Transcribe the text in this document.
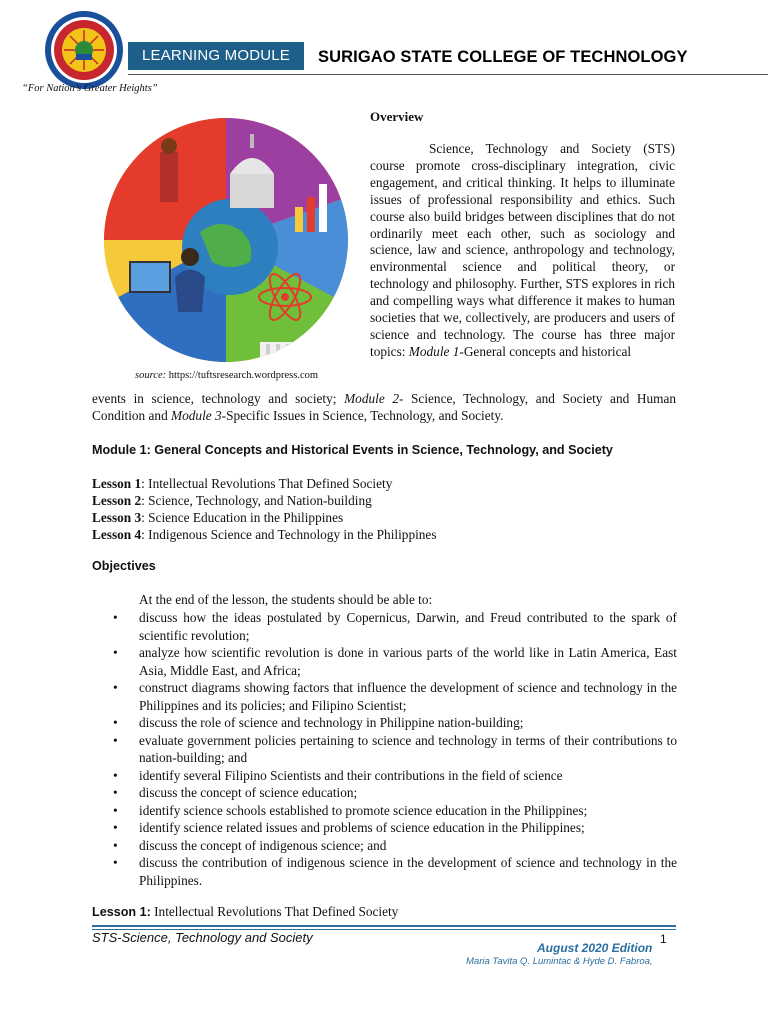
“For Nation’s Greater Heights”
LEARNING MODULE	SURIGAO STATE COLLEGE OF TECHNOLOGY
source: https://tuftsresearch.wordpress.com
Overview

Science, Technology and Society (STS) course promote cross-disciplinary integration, civic engagement, and critical thinking. It helps to illuminate issues of professional responsibility and ethics. Such course also build bridges between disciplines that do not ordinarily meet each other, such as sociology and science, law and science, anthropology and technology, environmental science and political theory, or technology and philosophy. Further, STS explores in rich and compelling ways what difference it makes to human societies that we, collectively, are producers and users of science and technology. The course has three major topics: Module 1-General concepts and historical

events in science, technology and society; Module 2- Science, Technology, and Society and Human Condition and Module 3-Specific Issues in Science, Technology, and Society.

Module 1: General Concepts and Historical Events in Science, Technology, and Society
Lesson 1: Intellectual Revolutions That Defined Society
Lesson 2: Science, Technology, and Nation-building
Lesson 3: Science Education in the Philippines
Lesson 4: Indigenous Science and Technology in the Philippines
Objectives
At the end of the lesson, the students should be able to:
• discuss how the ideas postulated by Copernicus, Darwin, and Freud contributed to the spark of scientific revolution;
• analyze how scientific revolution is done in various parts of the world like in Latin America, East Asia, Middle East, and Africa;
• construct diagrams showing factors that influence the development of science and technology in the Philippines and its policies; and Filipino Scientist;
• discuss the role of science and technology in Philippine nation-building;
• evaluate government policies pertaining to science and technology in terms of their contributions to nation-building; and
• identify several Filipino Scientists and their contributions in the field of science
• discuss the concept of science education;
• identify science schools established to promote science education in the Philippines;
• identify science related issues and problems of science education in the Philippines;
• discuss the concept of indigenous science; and
• discuss the contribution of indigenous science in the development of science and technology in the Philippines.
Lesson 1: Intellectual Revolutions That Defined Society
STS-Science, Technology and Society	1
August 2020 Edition
Maria Tavita Q. Lumintac & Hyde D. Fabroa,
